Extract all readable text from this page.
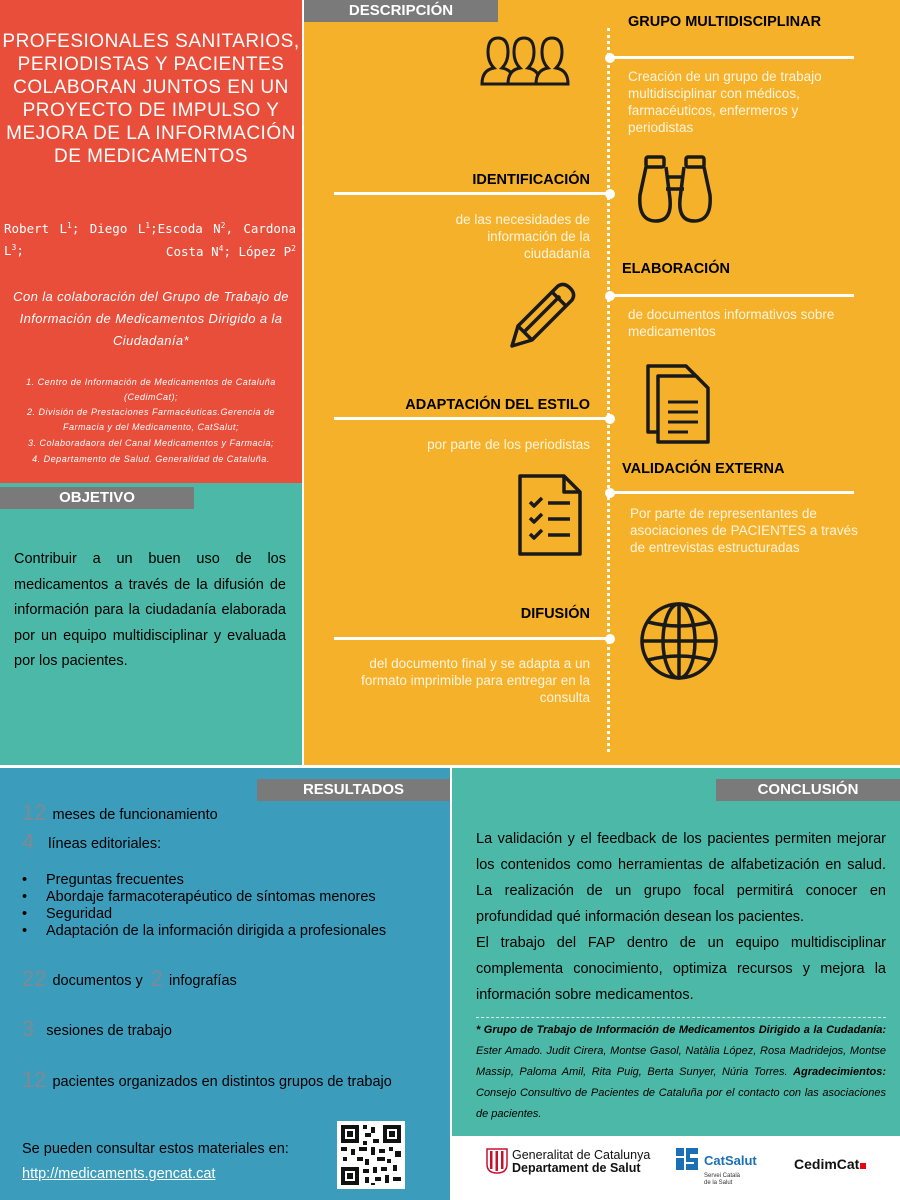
PROFESIONALES SANITARIOS, PERIODISTAS Y PACIENTES COLABORAN JUNTOS EN UN PROYECTO DE IMPULSO Y MEJORA DE LA INFORMACIÓN DE MEDICAMENTOS
Robert $L^1$; Diego $L^1;Escoda$ $N^2$, Cardona $L^3$;	Costa $N^4$; López $P^2$
Con la colaboración del Grupo de Trabajo de Información de Medicamentos Dirigido a la Ciudadanía*
1. Centro de Información de Medicamentos de Cataluña (CedimCat);
2. División de Prestaciones Farmacéuticas.Gerencia de Farmacia y del Medicamento, CatSalut;
3. Colaboradaora del Canal Medicamentos y Farmacia;
4. Departamento de Salud. Generalidad de Cataluña.
OBJETIVO
Contribuir a un buen uso de los medicamentos a través de la difusión de información para la ciudadanía elaborada por un equipo multidisciplinar y evaluada por los pacientes.
DESCRIPCIÓN
GRUPO MULTIDISCIPLINAR
Creación de un grupo de trabajo multidisciplinar con médicos, farmacéuticos, enfermeros y periodistas
IDENTIFICACIÓN
de las necesidades de información de la ciudadanía
ELABORACIÓN
de documentos informativos sobre medicamentos
ADAPTACIÓN DEL ESTILO
por parte de los periodistas
VALIDACIÓN EXTERNA
Por parte de representantes de asociaciones de PACIENTES a través de entrevistas estructuradas
DIFUSIÓN
del documento final y se adapta a un formato imprimible para entregar en la consulta
RESULTADOS
12 meses de funcionamiento
4 líneas editoriales:
• Preguntas frecuentes
• Abordaje farmacoterapéutico de síntomas menores
• Seguridad
• Adaptación de la información dirigida a profesionales
22 documentos y 2 infografías
3 sesiones de trabajo
12 pacientes organizados en distintos grupos de trabajo
Se pueden consultar estos materiales en:
http://medicaments.gencat.cat
CONCLUSIÓN
La validación y el feedback de los pacientes permiten mejorar los contenidos como herramientas de alfabetización en salud. La realización de un grupo focal permitirá conocer en profundidad qué información desean los pacientes.
El trabajo del FAP dentro de un equipo multidisciplinar complementa conocimiento, optimiza recursos y mejora la información sobre medicamentos.
* Grupo de Trabajo de Información de Medicamentos Dirigido a la Cudadanía: Ester Amado. Judit Cirera, Montse Gasol, Natàlia López, Rosa Madridejos, Montse Massip, Paloma Amil, Rita Puig, Berta Sunyer, Núria Torres. Agradecimientos: Consejo Consultivo de Pacientes de Cataluña por el contacto con las asociaciones de pacientes.
Generalitat de Catalunya
Departament de Salut	CatSalut
Servei Català
de la Salut
CedimCat
